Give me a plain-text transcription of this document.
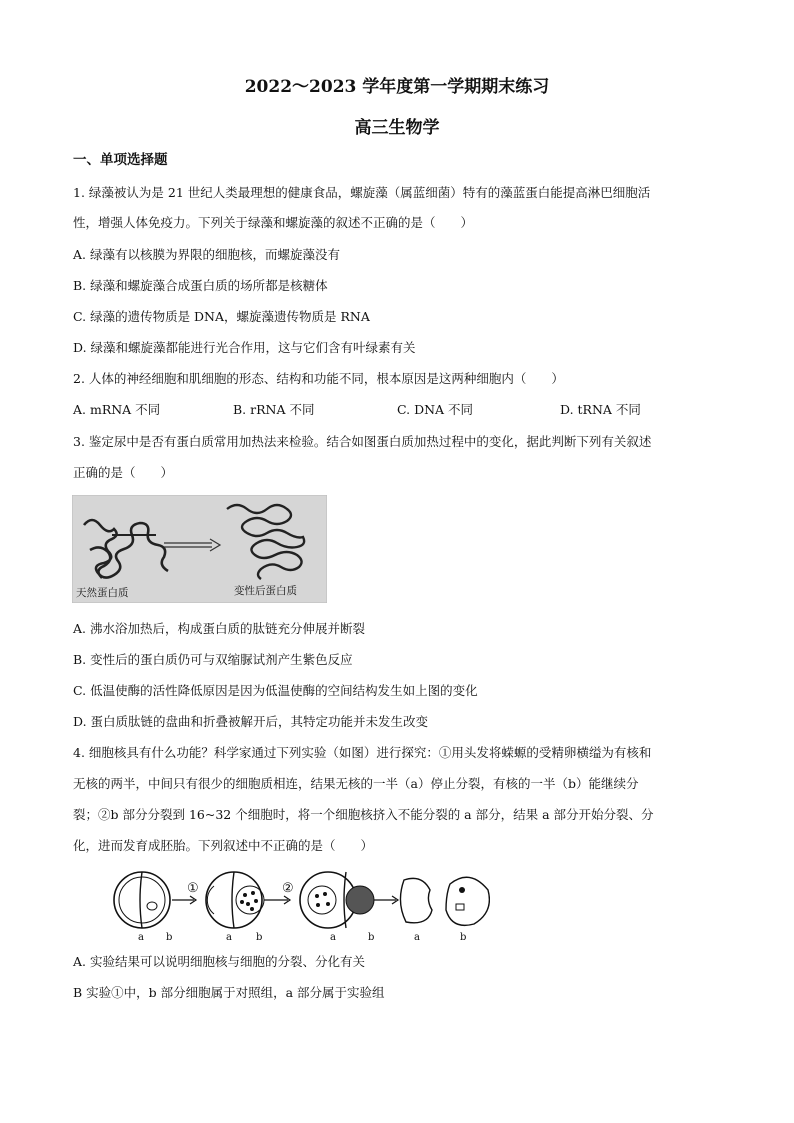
2022～2023 学年度第一学期期末练习
高三生物学
一、单项选择题
1. 绿藻被认为是 21 世纪人类最理想的健康食品，螺旋藻（属蓝细菌）特有的藻蓝蛋白能提高淋巴细胞活
性，增强人体免疫力。下列关于绿藻和螺旋藻的叙述不正确的是（　　）
A. 绿藻有以核膜为界限的细胞核，而螺旋藻没有
B. 绿藻和螺旋藻合成蛋白质的场所都是核糖体
C. 绿藻的遗传物质是 DNA，螺旋藻遗传物质是 RNA
D. 绿藻和螺旋藻都能进行光合作用，这与它们含有叶绿素有关
2. 人体的神经细胞和肌细胞的形态、结构和功能不同，根本原因是这两种细胞内（　　）
A. mRNA 不同	B. rRNA 不同	C. DNA 不同	D. tRNA 不同
3. 鉴定尿中是否有蛋白质常用加热法来检验。结合如图蛋白质加热过程中的变化，据此判断下列有关叙述
正确的是（　　）
天然蛋白质	变性后蛋白质
A. 沸水浴加热后，构成蛋白质的肽链充分伸展并断裂
B. 变性后的蛋白质仍可与双缩脲试剂产生紫色反应
C. 低温使酶的活性降低原因是因为低温使酶的空间结构发生如上图的变化
D. 蛋白质肽链的盘曲和折叠被解开后，其特定功能并未发生改变
4. 细胞核具有什么功能？科学家通过下列实验（如图）进行探究：①用头发将蝾螈的受精卵横缢为有核和
无核的两半，中间只有很少的细胞质相连，结果无核的一半（a）停止分裂，有核的一半（b）能继续分
裂；②b 部分分裂到 16~32 个细胞时，将一个细胞核挤入不能分裂的 a 部分，结果 a 部分开始分裂、分
化，进而发育成胚胎。下列叙述中不正确的是（　　）
①	②
a b	a b	a	b	a	b
A. 实验结果可以说明细胞核与细胞的分裂、分化有关
B 实验①中，b 部分细胞属于对照组，a 部分属于实验组
